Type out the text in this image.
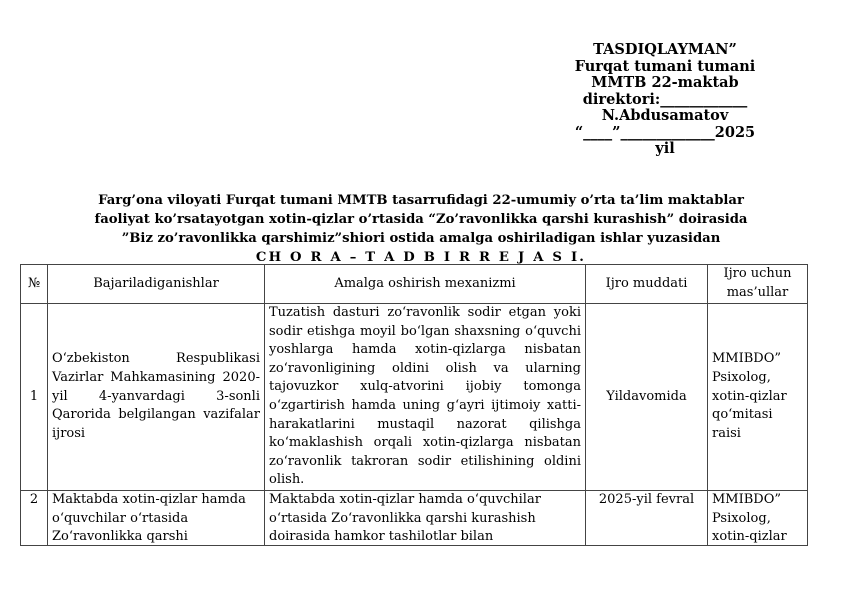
TASDIQLAYMAN”
Furqat tumani tumani
MMTB 22-maktab
direktori:____________
N.Abdusamatov
“____”_____________2025
yil
Farg’ona viloyati Furqat tumani MMTB tasarrufidagi 22-umumiy o’rta ta’lim maktablar
faoliyat ko’rsatayotgan xotin-qizlar o’rtasida “Zo’ravonlikka qarshi kurashish” doirasida
”Biz zo’ravonlikka qarshimiz”shiori ostida amalga oshiriladigan ishlar yuzasidan
CH O R A – T A D B I R R E J A S I.
№	Bajariladiganishlar	Amalga oshirish mexanizmi	Ijro muddati	Ijro uchun mas’ullar
1	O‘zbekiston Respublikasi Vazirlar Mahkamasining 2020-yil 4-yanvardagi 3-sonli Qarorida belgilangan vazifalar ijrosi	Tuzatish dasturi zo‘ravonlik sodir etgan yoki sodir etishga moyil bo‘lgan shaxsning o‘quvchi yoshlarga hamda xotin-qizlarga nisbatan zo‘ravonligining oldini olish va ularning tajovuzkor xulq-atvorini ijobiy tomonga o‘zgartirish hamda uning g‘ayri ijtimoiy xatti-harakatlarini mustaqil nazorat qilishga ko‘maklashish orqali xotin-qizlarga nisbatan zo‘ravonlik takroran sodir etilishining oldini olish.	Yildavomida	MMIBDO” Psixolog, xotin-qizlar qo‘mitasi raisi
2	Maktabda xotin-qizlar hamda o‘quvchilar o‘rtasida Zo‘ravonlikka qarshi	Maktabda xotin-qizlar hamda o‘quvchilar o‘rtasida Zo‘ravonlikka qarshi kurashish doirasida hamkor tashilotlar bilan	2025-yil fevral	MMIBDO” Psixolog, xotin-qizlar
